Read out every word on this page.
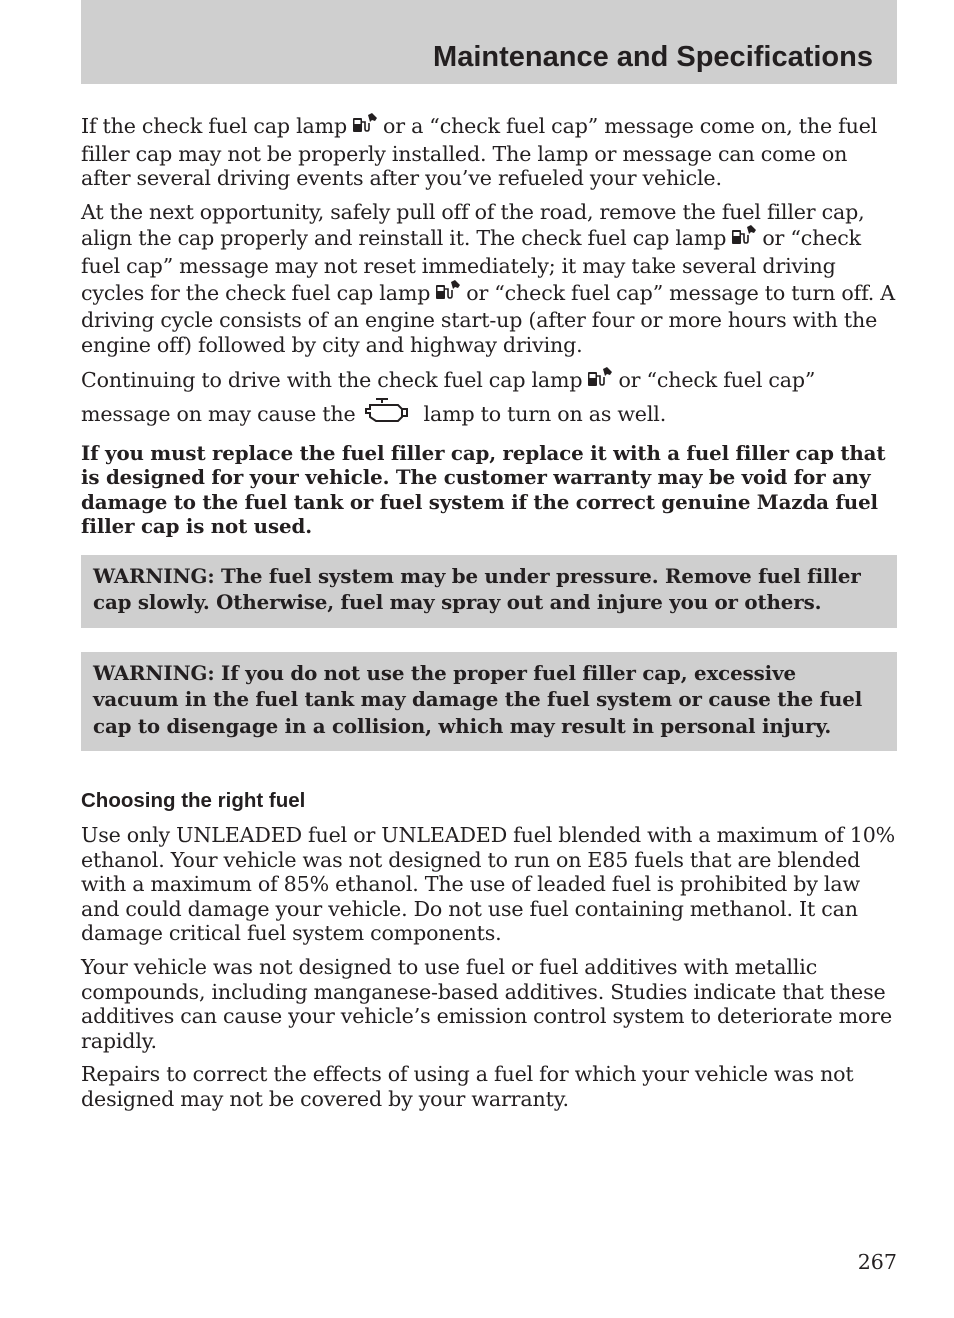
Maintenance and Specifications

If the check fuel cap lamp or a “check fuel cap” message come on, the fuel filler cap may not be properly installed. The lamp or message can come on after several driving events after you’ve refueled your vehicle.

At the next opportunity, safely pull off of the road, remove the fuel filler cap, align the cap properly and reinstall it. The check fuel cap lamp or “check fuel cap” message may not reset immediately; it may take several driving cycles for the check fuel cap lamp or “check fuel cap” message to turn off. A driving cycle consists of an engine start-up (after four or more hours with the engine off) followed by city and highway driving.

Continuing to drive with the check fuel cap lamp or “check fuel cap” message on may cause the	lamp to turn on as well.

If you must replace the fuel filler cap, replace it with a fuel filler cap that is designed for your vehicle. The customer warranty may be void for any damage to the fuel tank or fuel system if the correct genuine Mazda fuel filler cap is not used.

WARNING: The fuel system may be under pressure. Remove fuel filler cap slowly. Otherwise, fuel may spray out and injure you or others.

WARNING: If you do not use the proper fuel filler cap, excessive vacuum in the fuel tank may damage the fuel system or cause the fuel cap to disengage in a collision, which may result in personal injury.

Choosing the right fuel

Use only UNLEADED fuel or UNLEADED fuel blended with a maximum of 10% ethanol. Your vehicle was not designed to run on E85 fuels that are blended with a maximum of 85% ethanol. The use of leaded fuel is prohibited by law and could damage your vehicle. Do not use fuel containing methanol. It can damage critical fuel system components.

Your vehicle was not designed to use fuel or fuel additives with metallic compounds, including manganese-based additives. Studies indicate that these additives can cause your vehicle’s emission control system to deteriorate more rapidly.

Repairs to correct the effects of using a fuel for which your vehicle was not designed may not be covered by your warranty.

267
